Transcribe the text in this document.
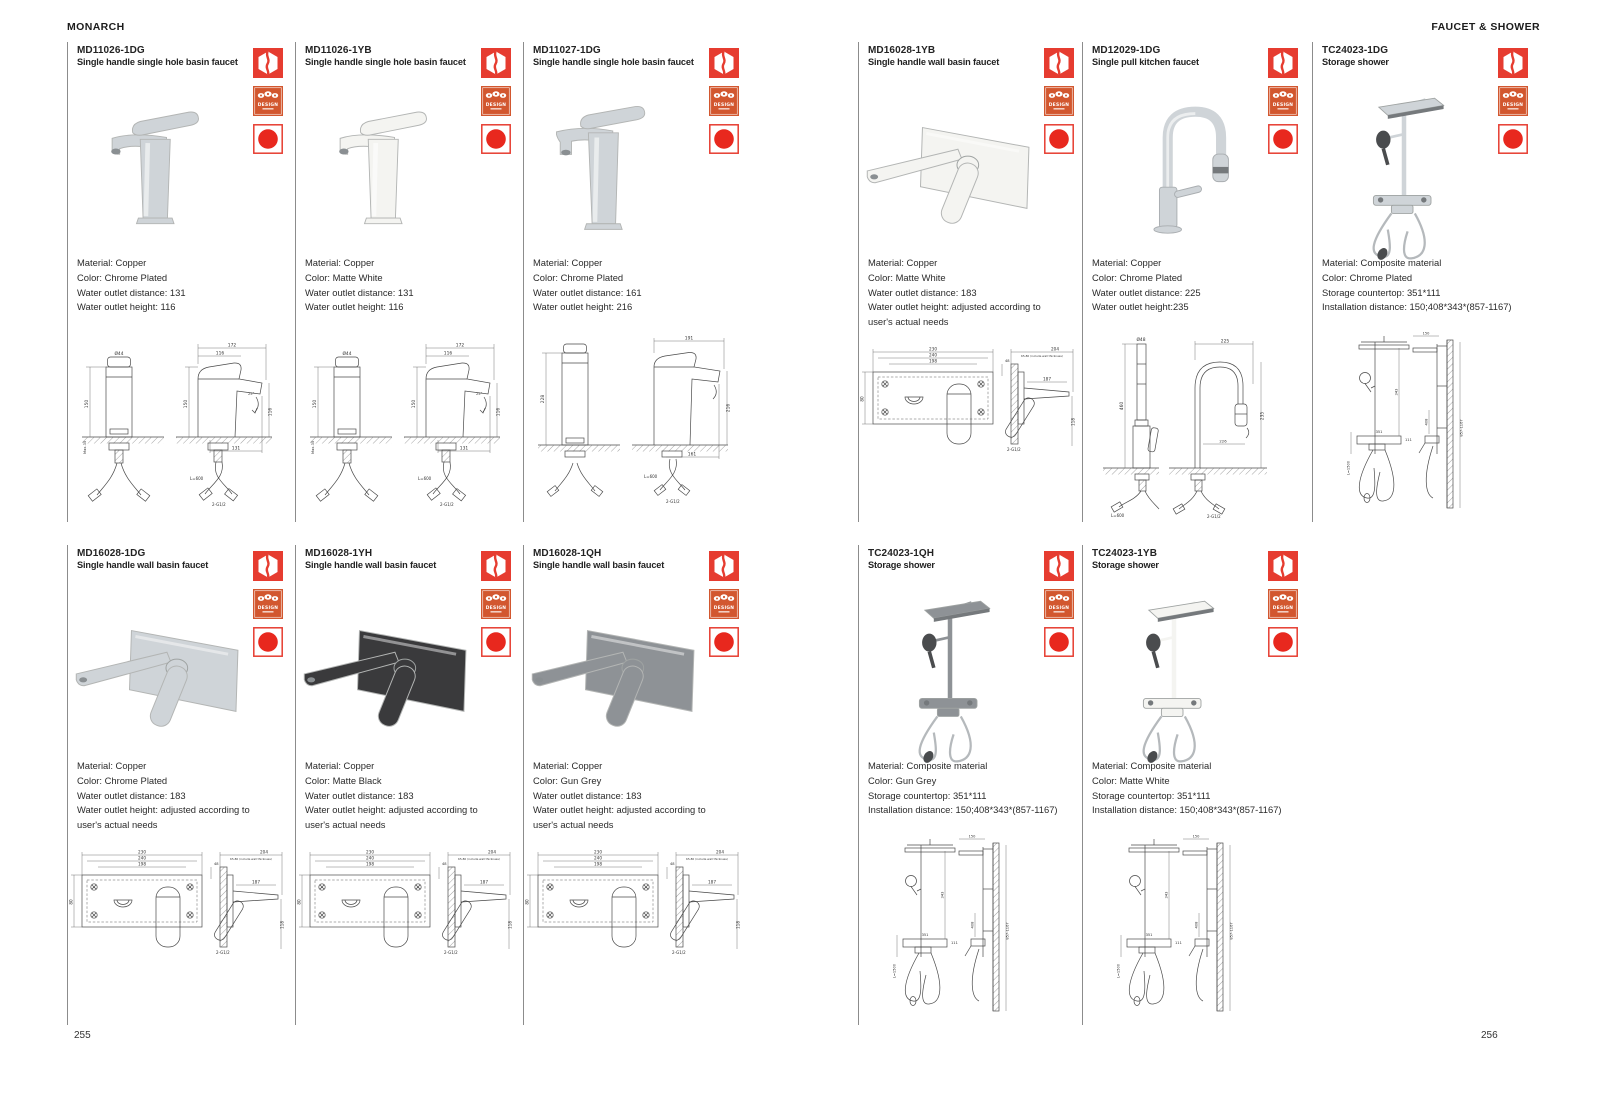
MONARCH	FAUCET & SHOWER
255	256
MD11026-1DG
Single handle single hole basin faucet
Material: Copper
Color: Chrome Plated
Water outlet distance: 131
Water outlet height: 116
MD11026-1YB
Single handle single hole basin faucet
Material: Copper
Color: Matte White
Water outlet distance: 131
Water outlet height: 116
MD11027-1DG
Single handle single hole basin faucet
Material: Copper
Color: Chrome Plated
Water outlet distance: 161
Water outlet height: 216
MD16028-1YB
Single handle wall basin faucet
Material: Copper
Color: Matte White
Water outlet distance: 183
Water outlet height: adjusted according to
user's actual needs
MD12029-1DG
Single pull kitchen faucet
Material: Copper
Color: Chrome Plated
Water outlet distance: 225
Water outlet height:235
TC24023-1DG
Storage shower
Material: Composite material
Color: Chrome Plated
Storage countertop: 351*111
Installation distance: 150;408*343*(857-1167)
MD16028-1DG
Single handle wall basin faucet
Material: Copper
Color: Chrome Plated
Water outlet distance: 183
Water outlet height: adjusted according to
user's actual needs
MD16028-1YH
Single handle wall basin faucet
Material: Copper
Color: Matte Black
Water outlet distance: 183
Water outlet height: adjusted according to
user's actual needs
MD16028-1QH
Single handle wall basin faucet
Material: Copper
Color: Gun Grey
Water outlet distance: 183
Water outlet height: adjusted according to
user's actual needs
TC24023-1QH
Storage shower
Material: Composite material
Color: Gun Grey
Storage countertop: 351*111
Installation distance: 150;408*343*(857-1167)
TC24023-1YB
Storage shower
Material: Composite material
Color: Matte White
Storage countertop: 351*111
Installation distance: 150;408*343*(857-1167)
